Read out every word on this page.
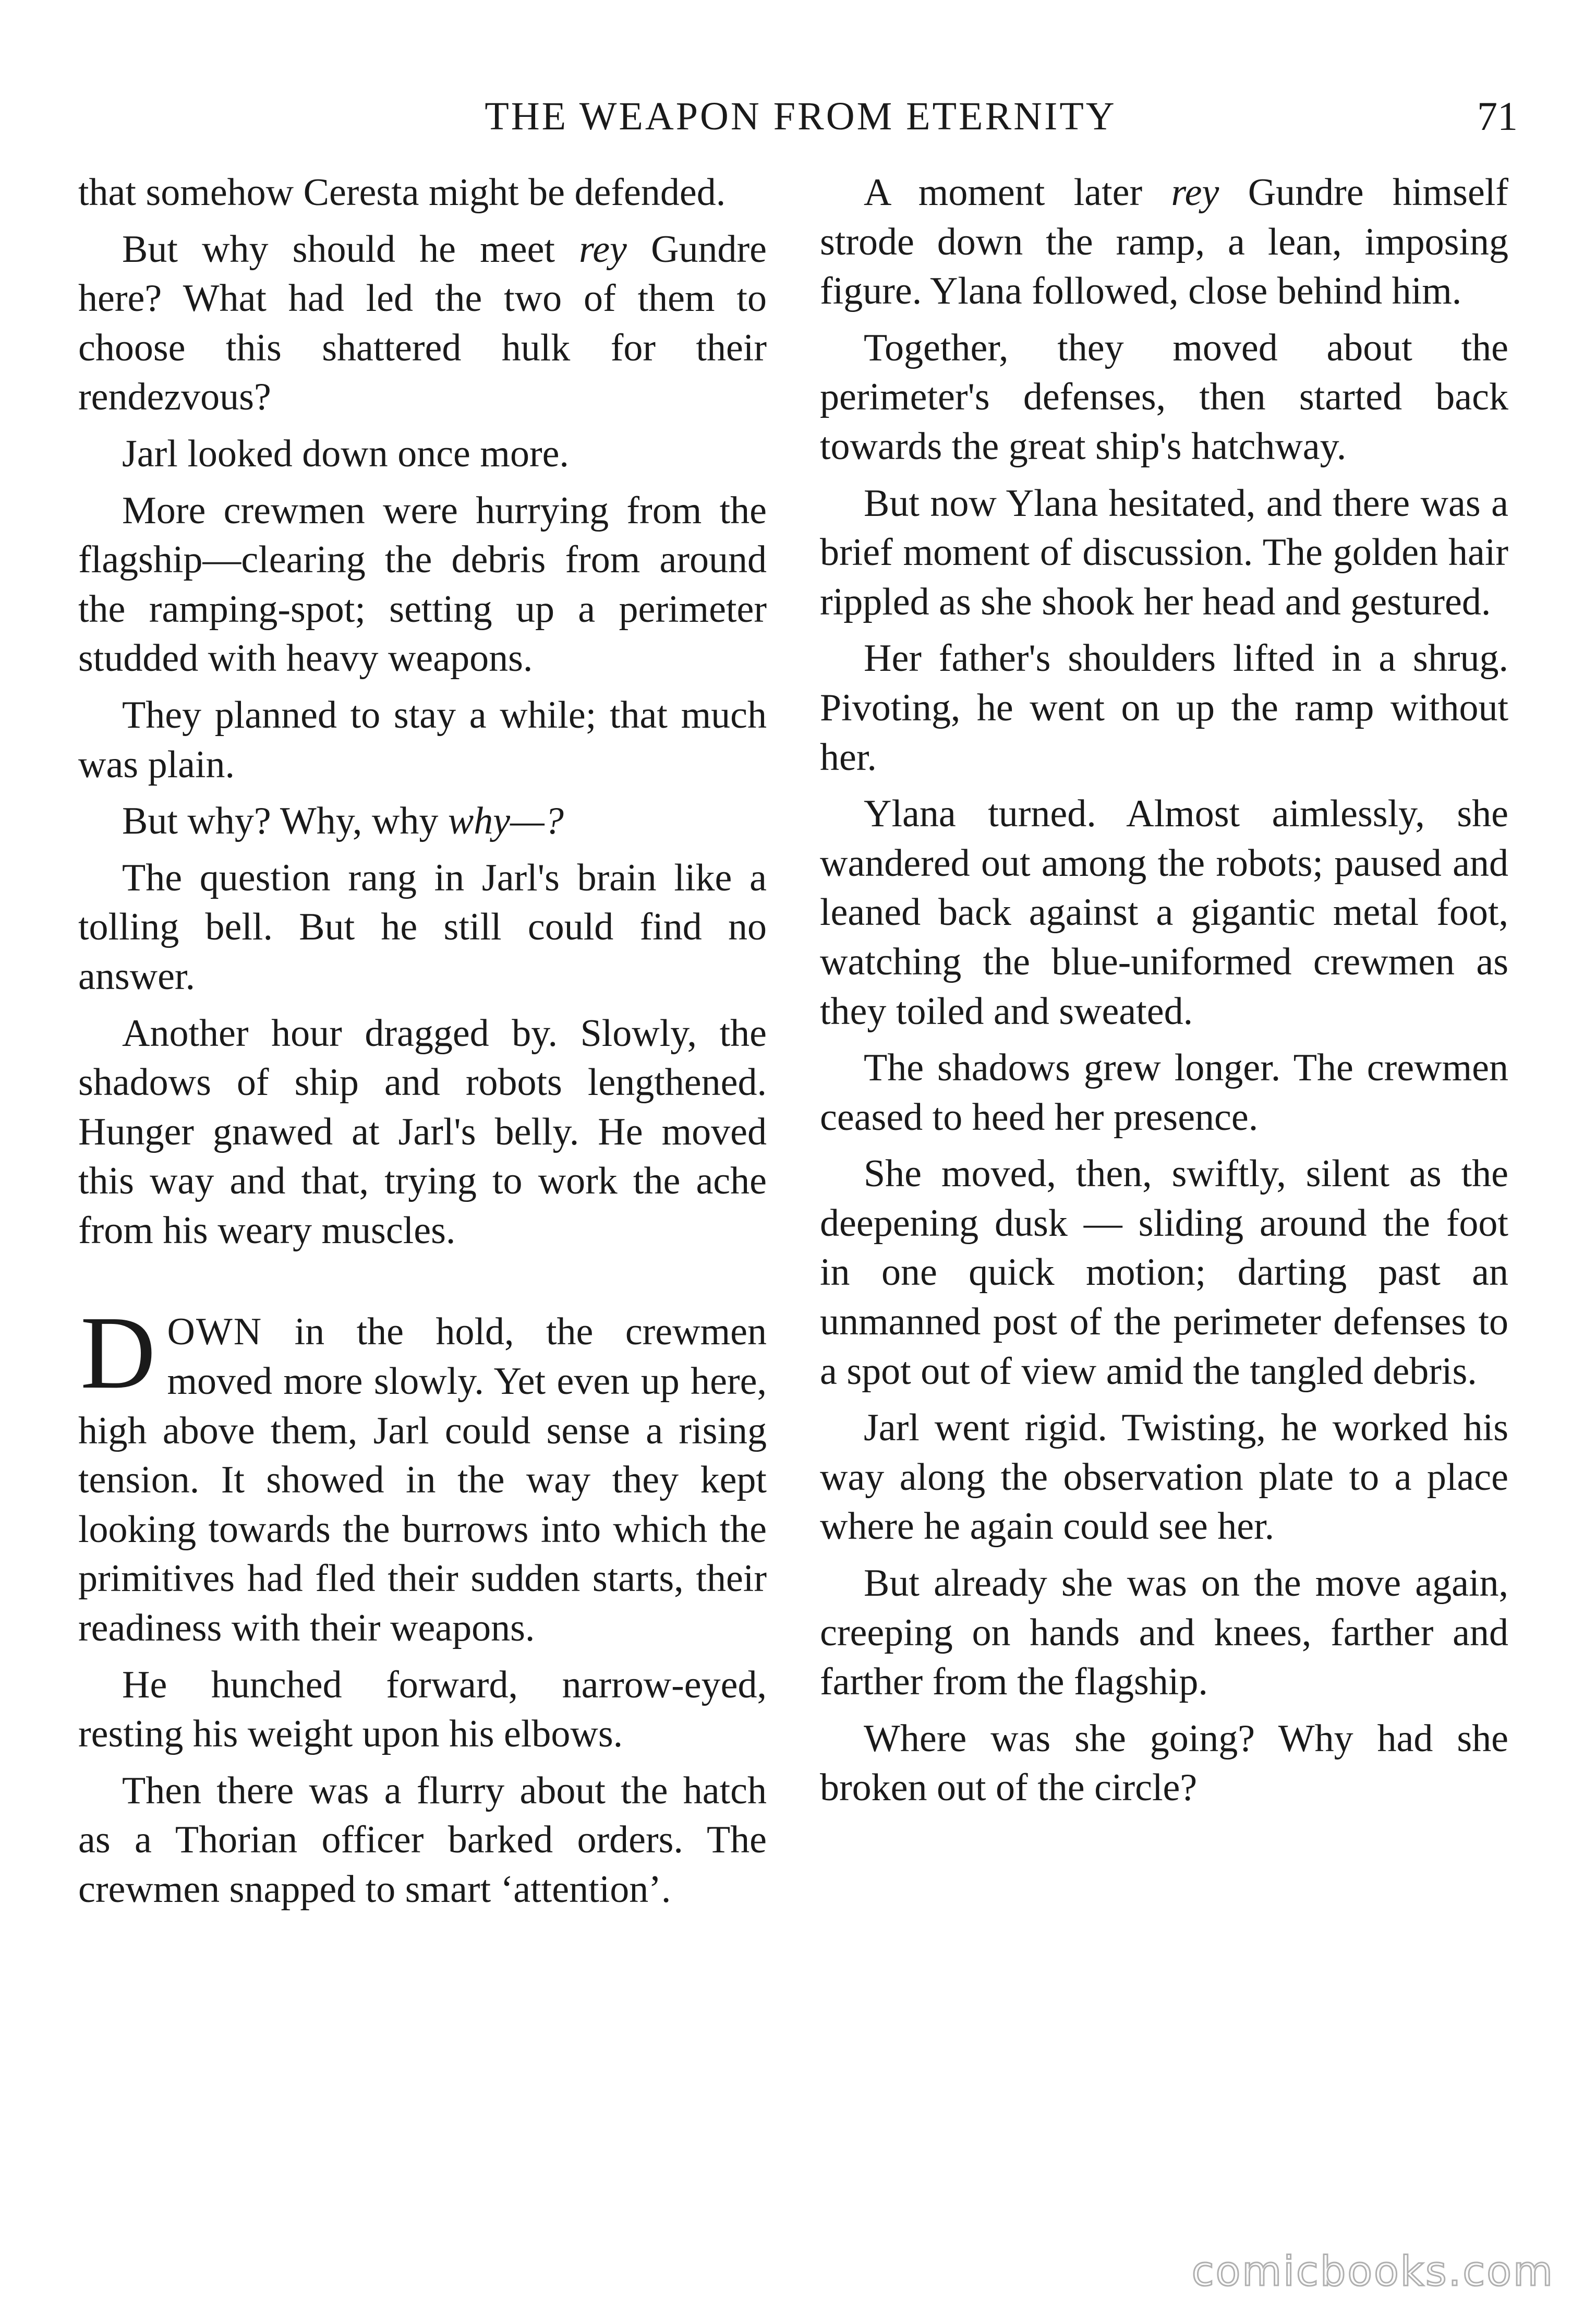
THE WEAPON FROM ETERNITY	71

that somehow Ceresta might be defended.

But why should he meet rey Gundre here? What had led the two of them to choose this shattered hulk for their rendezvous?

Jarl looked down once more.

More crewmen were hurrying from the flagship—clearing the debris from around the ramping-spot; setting up a perimeter studded with heavy weapons.

They planned to stay a while; that much was plain.

But why? Why, why why—?

The question rang in Jarl's brain like a tolling bell. But he still could find no answer.

Another hour dragged by. Slowly, the shadows of ship and robots lengthened. Hunger gnawed at Jarl's belly. He moved this way and that, trying to work the ache from his weary muscles.

DOWN in the hold, the crewmen moved more slowly. Yet even up here, high above them, Jarl could sense a rising tension. It showed in the way they kept looking towards the burrows into which the primitives had fled their sudden starts, their readiness with their weapons.

He hunched forward, narrow-eyed, resting his weight upon his elbows.

Then there was a flurry about the hatch as a Thorian officer barked orders. The crewmen snapped to smart ‘attention’.

A moment later rey Gundre himself strode down the ramp, a lean, imposing figure. Ylana followed, close behind him.

Together, they moved about the perimeter's defenses, then started back towards the great ship's hatchway.

But now Ylana hesitated, and there was a brief moment of discussion. The golden hair rippled as she shook her head and gestured.

Her father's shoulders lifted in a shrug. Pivoting, he went on up the ramp without her.

Ylana turned. Almost aimlessly, she wandered out among the robots; paused and leaned back against a gigantic metal foot, watching the blue-uniformed crewmen as they toiled and sweated.

The shadows grew longer. The crewmen ceased to heed her presence.

She moved, then, swiftly, silent as the deepening dusk — sliding around the foot in one quick motion; darting past an unmanned post of the perimeter defenses to a spot out of view amid the tangled debris.

Jarl went rigid. Twisting, he worked his way along the observation plate to a place where he again could see her.

But already she was on the move again, creeping on hands and knees, farther and farther from the flagship.

Where was she going? Why had she broken out of the circle?

comicbooks.com
